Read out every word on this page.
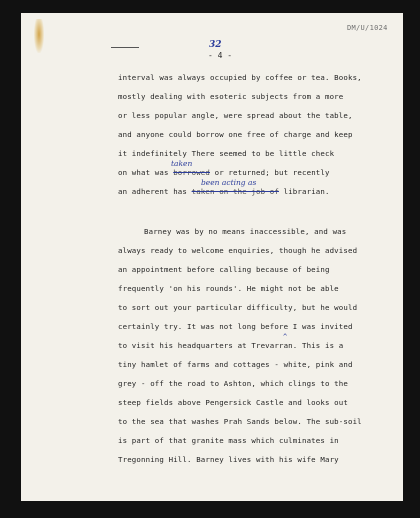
DM/U/1024
32
- 4 -
interval was always occupied by coffee or tea. Books,
mostly dealing with esoteric subjects from a more
or less popular angle, were spread about the table,
and anyone could borrow one free of charge and keep
it indefinitely There seemed to be little check
taken
on what was borrowed or returned; but recently
been acting as
an adherent has taken on the job of librarian.
Barney was by no means inaccessible, and was
always ready to welcome enquiries, though he advised
an appointment before calling because of being
frequently 'on his rounds'. He might not be able
to sort out your particular difficulty, but he would
certainly try. It was not long before I was invited
^
to visit his headquarters at Trevarran. This is a
tiny hamlet of farms and cottages - white, pink and
grey - off the road to Ashton, which clings to the
steep fields above Pengersick Castle and looks out
to the sea that washes Prah Sands below. The sub-soil
is part of that granite mass which culminates in
Tregonning Hill. Barney lives with his wife Mary
